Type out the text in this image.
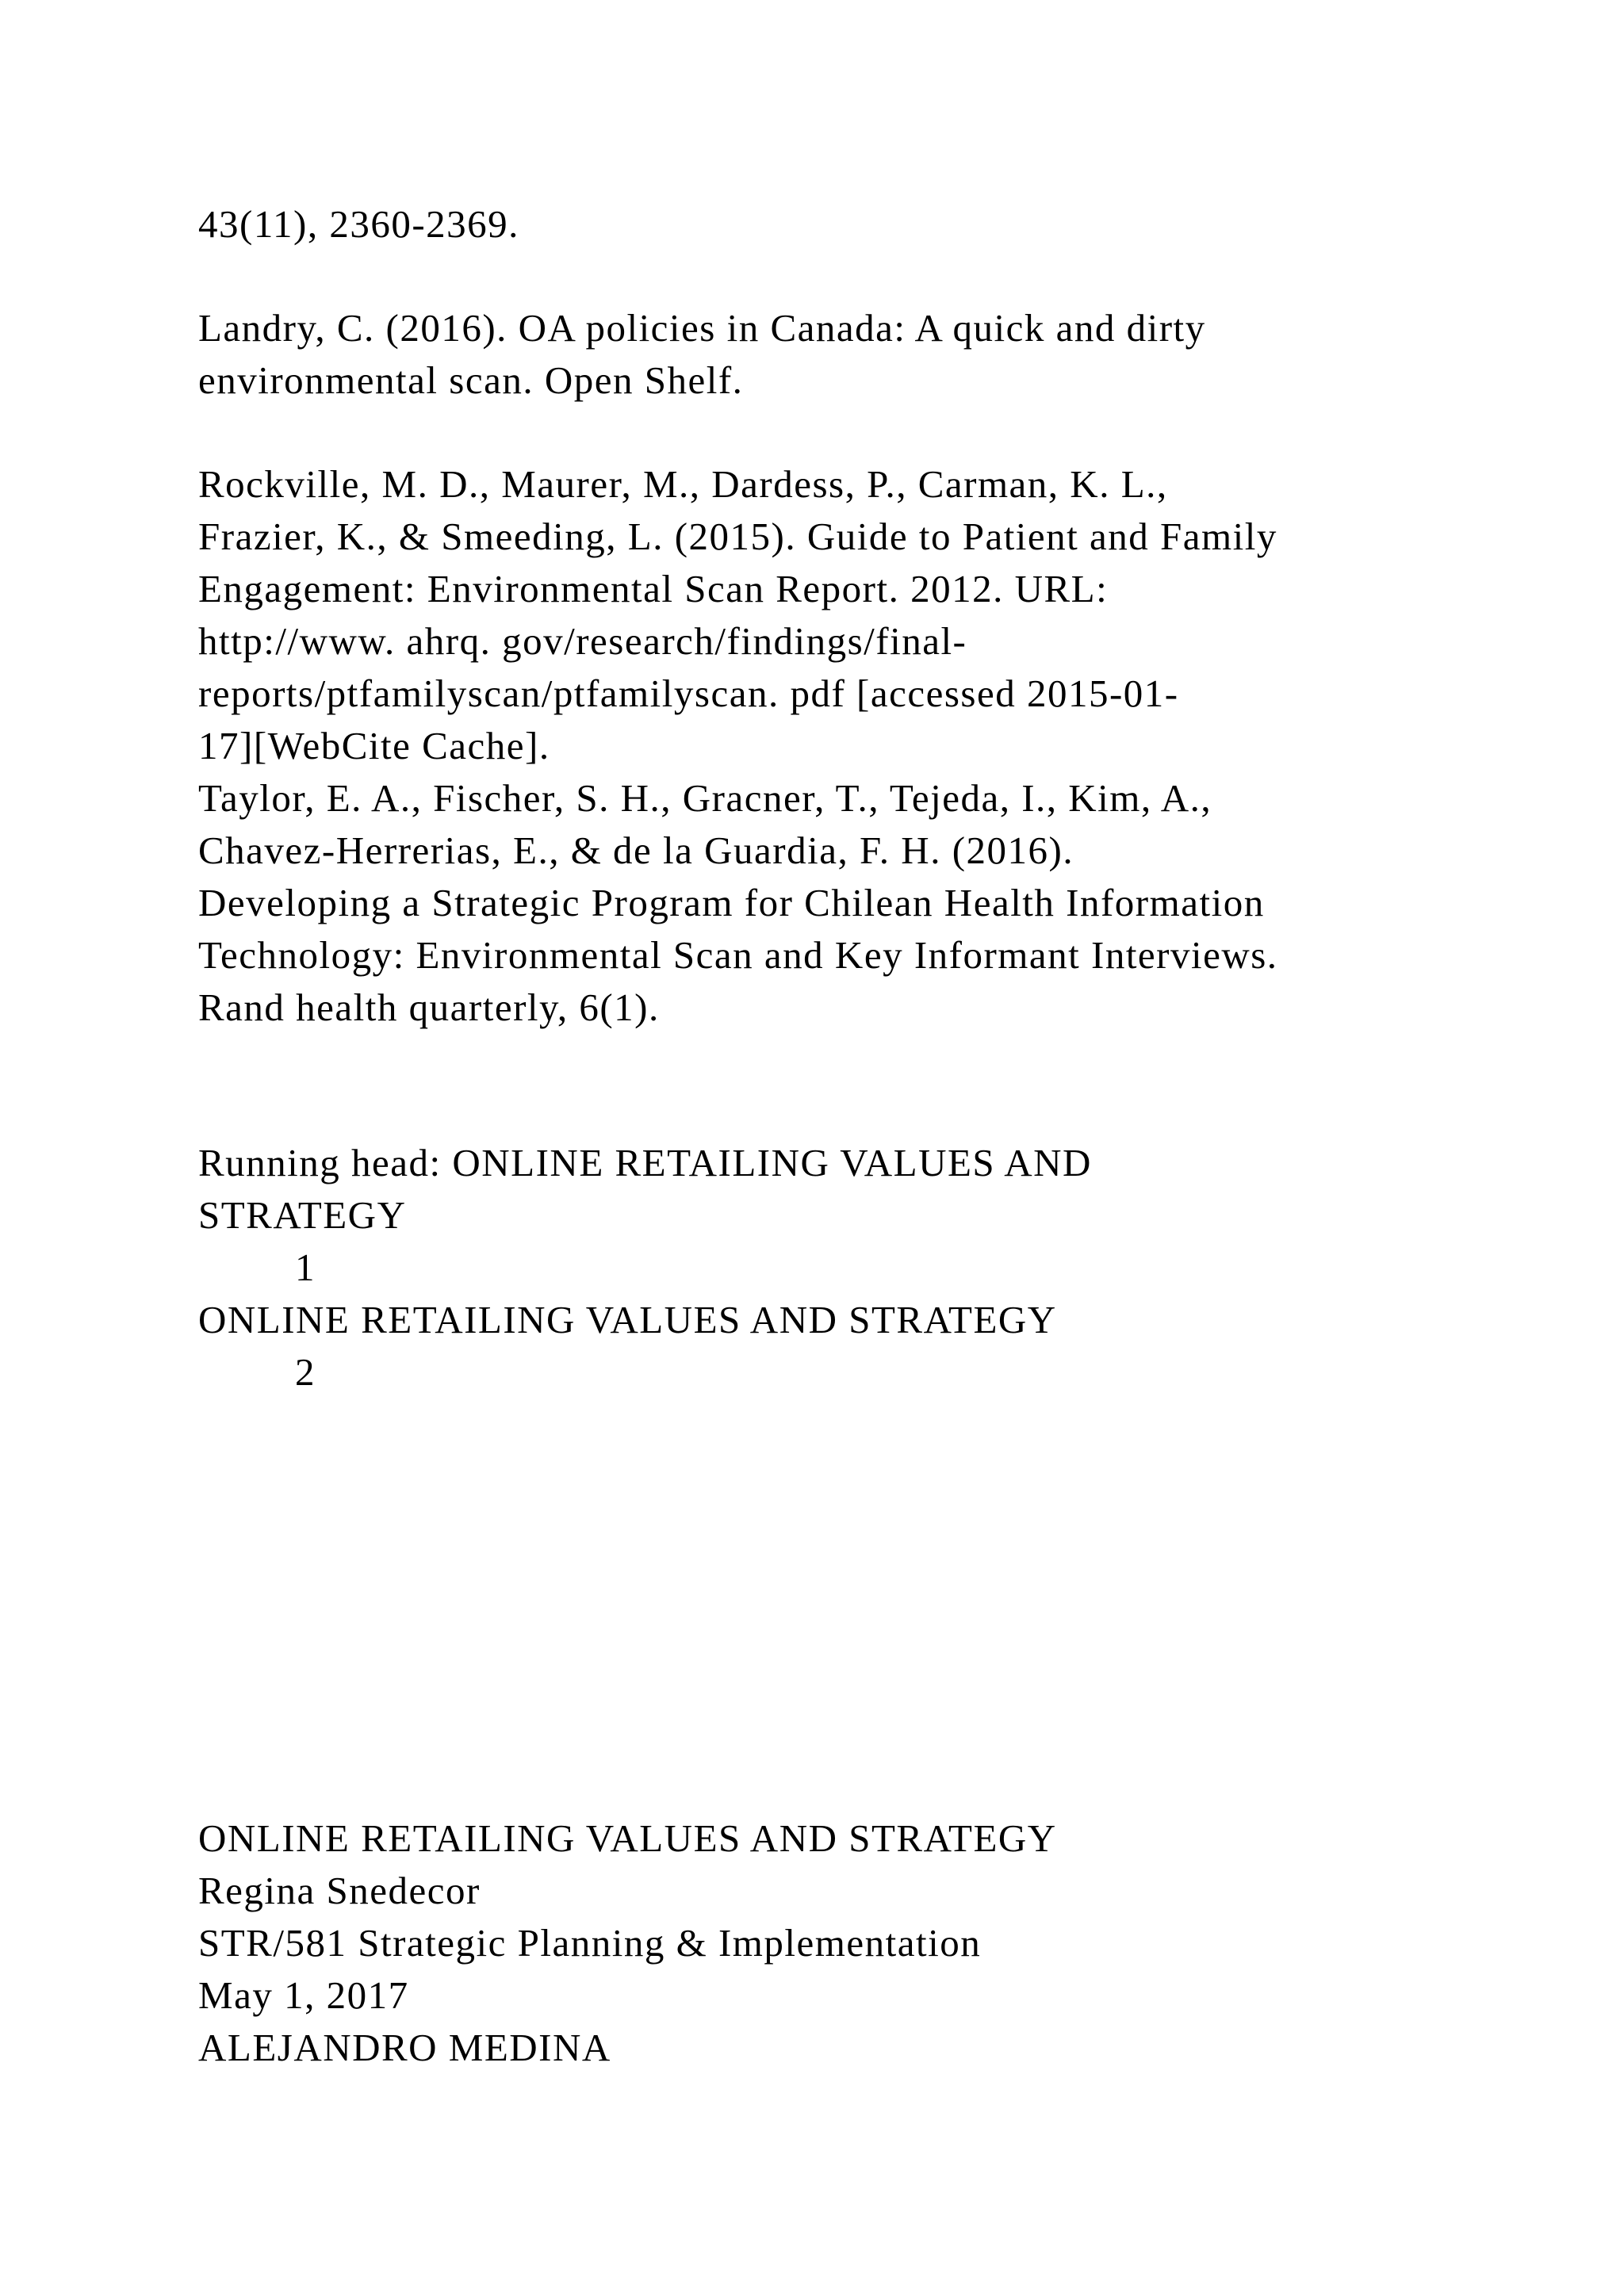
43(11), 2360-2369.
Landry, C. (2016). OA policies in Canada: A quick and dirty
environmental scan. Open Shelf.
Rockville, M. D., Maurer, M., Dardess, P., Carman, K. L.,
Frazier, K., & Smeeding, L. (2015). Guide to Patient and Family
Engagement: Environmental Scan Report. 2012. URL:
http://www. ahrq. gov/research/findings/final-
reports/ptfamilyscan/ptfamilyscan. pdf [accessed 2015-01-
17][WebCite Cache].
Taylor, E. A., Fischer, S. H., Gracner, T., Tejeda, I., Kim, A.,
Chavez-Herrerias, E., & de la Guardia, F. H. (2016).
Developing a Strategic Program for Chilean Health Information
Technology: Environmental Scan and Key Informant Interviews.
Rand health quarterly, 6(1).
Running head: ONLINE RETAILING VALUES AND
STRATEGY
1
ONLINE RETAILING VALUES AND STRATEGY
2
ONLINE RETAILING VALUES AND STRATEGY
Regina Snedecor
STR/581 Strategic Planning & Implementation
May 1, 2017
ALEJANDRO MEDINA
